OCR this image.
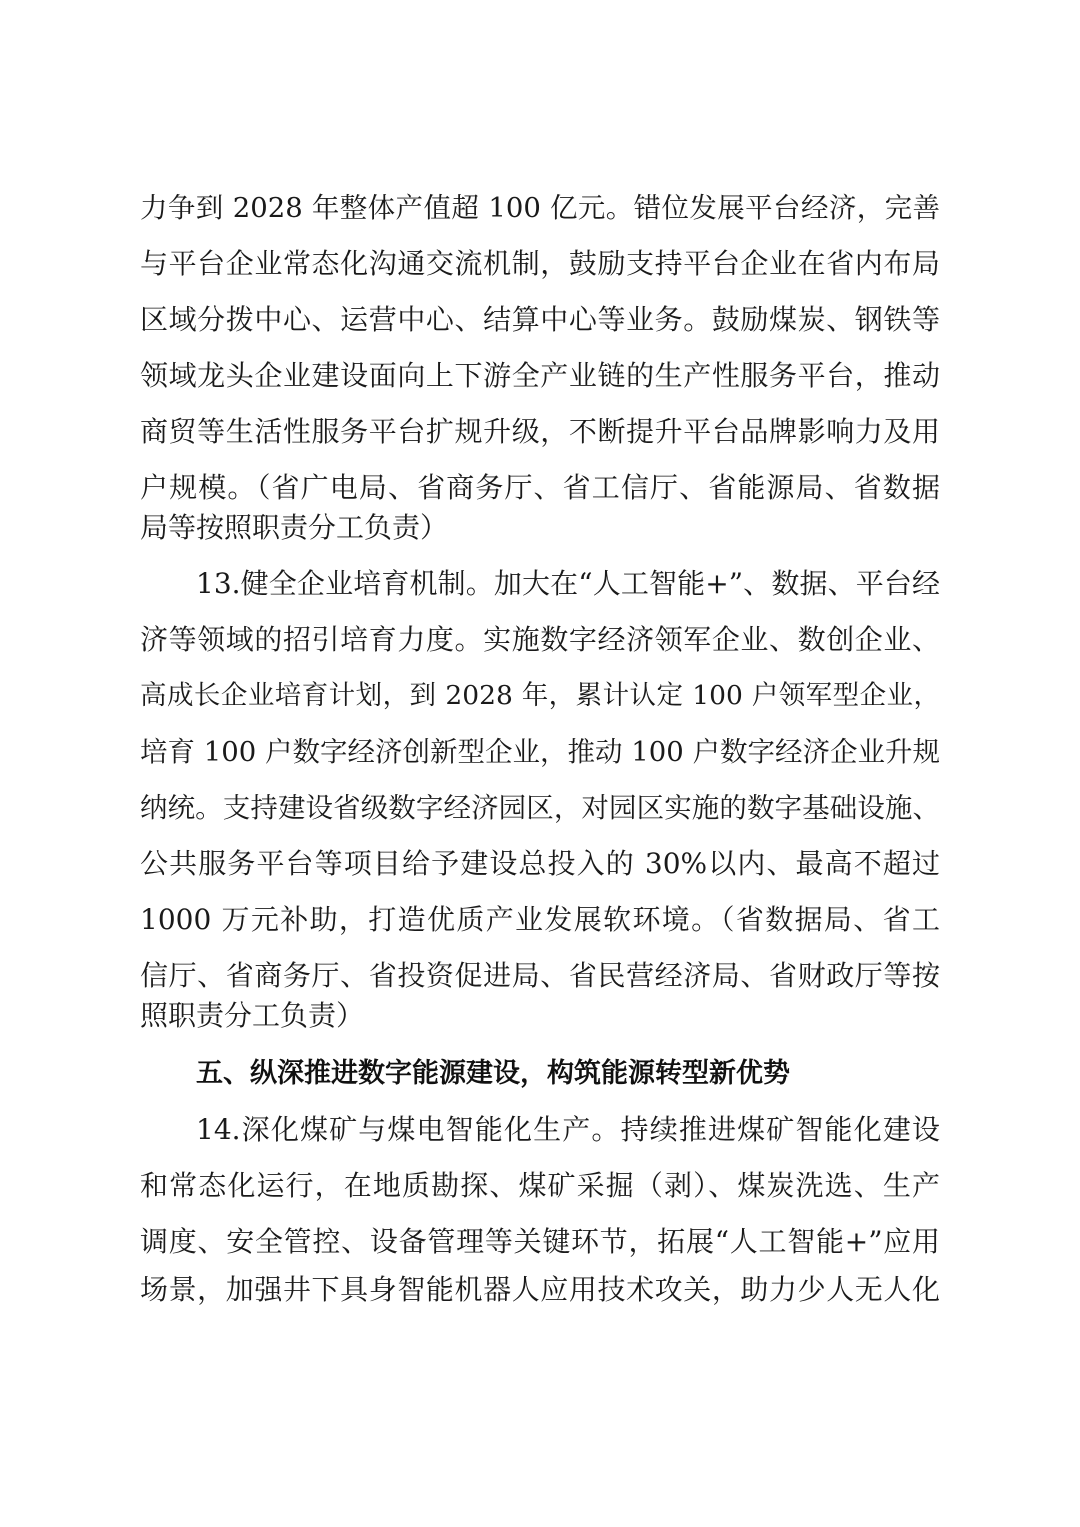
力争到 2028 年整体产值超 100 亿元。错位发展平台经济，完善
与平台企业常态化沟通交流机制，鼓励支持平台企业在省内布局
区域分拨中心、运营中心、结算中心等业务。鼓励煤炭、钢铁等
领域龙头企业建设面向上下游全产业链的生产性服务平台，推动
商贸等生活性服务平台扩规升级，不断提升平台品牌影响力及用
户规模。（省广电局、省商务厅、省工信厅、省能源局、省数据
局等按照职责分工负责）
13.健全企业培育机制。加大在“人工智能+”、数据、平台经
济等领域的招引培育力度。实施数字经济领军企业、数创企业、
高成长企业培育计划，到 2028 年，累计认定 100 户领军型企业，
培育 100 户数字经济创新型企业，推动 100 户数字经济企业升规
纳统。支持建设省级数字经济园区，对园区实施的数字基础设施、
公共服务平台等项目给予建设总投入的 30%以内、最高不超过
1000 万元补助，打造优质产业发展软环境。（省数据局、省工
信厅、省商务厅、省投资促进局、省民营经济局、省财政厅等按
照职责分工负责）
五、纵深推进数字能源建设，构筑能源转型新优势
14.深化煤矿与煤电智能化生产。持续推进煤矿智能化建设
和常态化运行，在地质勘探、煤矿采掘（剥）、煤炭洗选、生产
调度、安全管控、设备管理等关键环节，拓展“人工智能+”应用
场景，加强井下具身智能机器人应用技术攻关，助力少人无人化
